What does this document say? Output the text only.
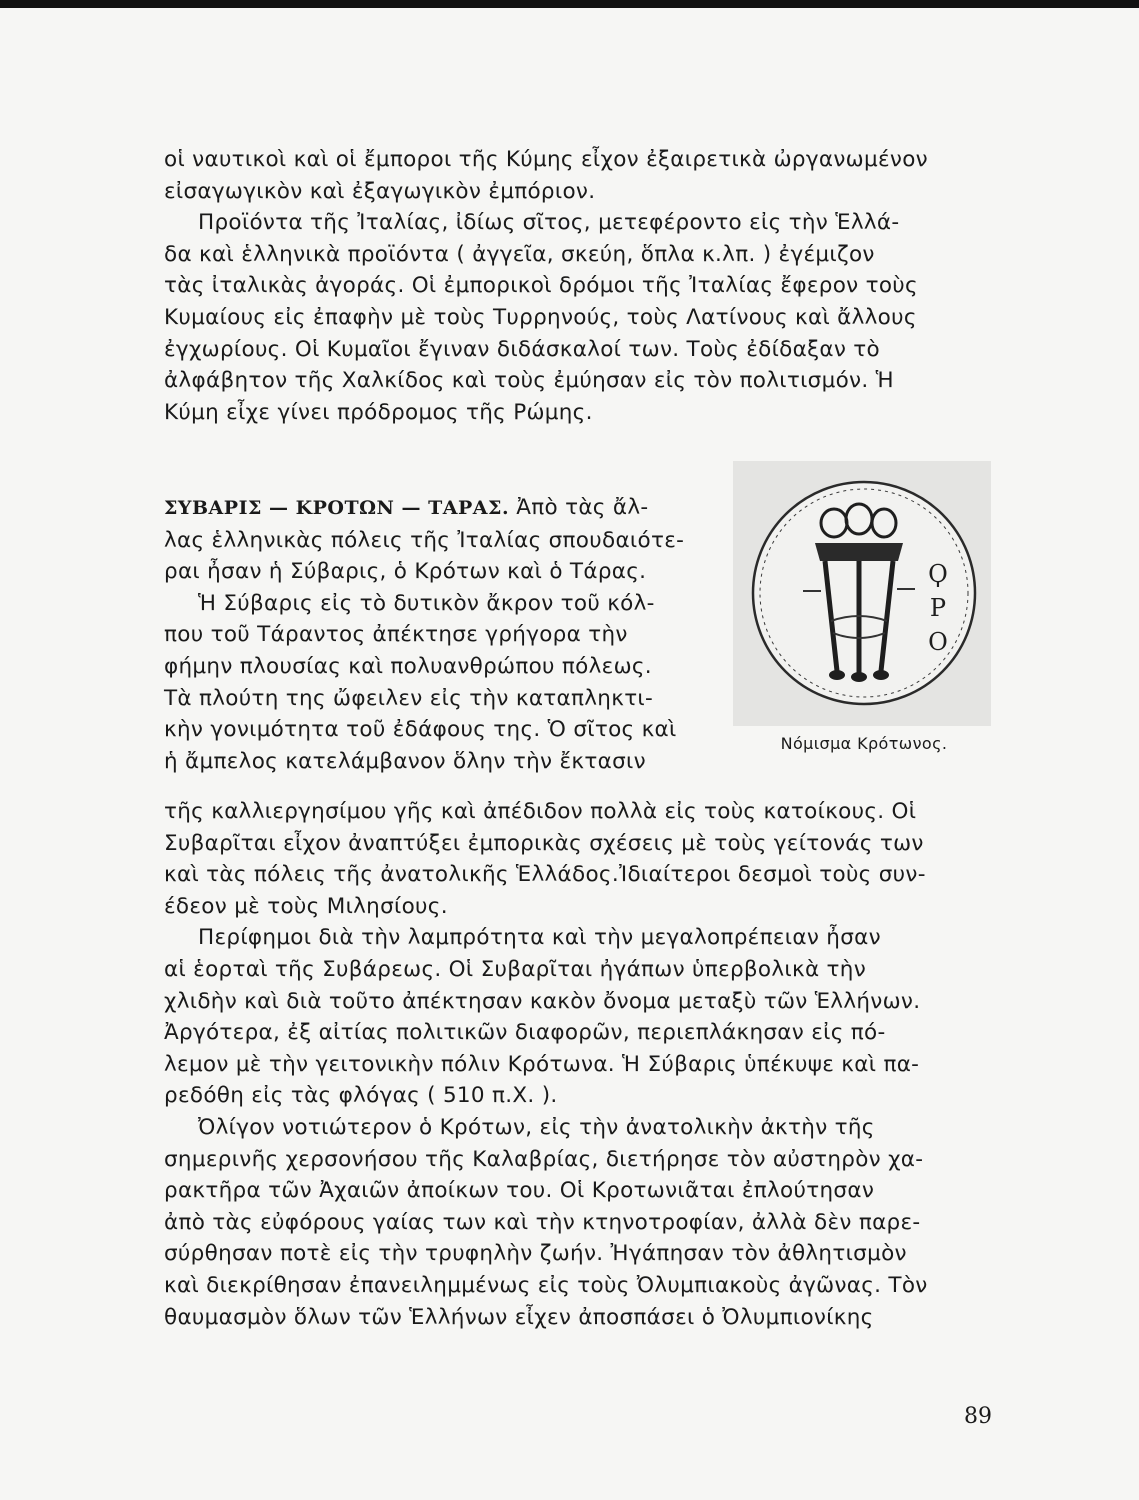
οἱ ναυτικοὶ καὶ οἱ ἔμποροι τῆς Κύμης εἶχον ἐξαιρετικὰ ὠργανωμένον

εἰσαγωγικὸν καὶ ἐξαγωγικὸν ἐμπόριον.

Προϊόντα τῆς Ἰταλίας, ἰδίως σῖτος, μετεφέροντο εἰς τὴν Ἑλλά-

δα καὶ ἑλληνικὰ προϊόντα ( ἀγγεῖα, σκεύη, ὅπλα κ.λπ. ) ἐγέμιζον

τὰς ἰταλικὰς ἀγοράς. Οἱ ἐμπορικοὶ δρόμοι τῆς Ἰταλίας ἔφερον τοὺς

Κυμαίους εἰς ἐπαφὴν μὲ τοὺς Τυρρηνούς, τοὺς Λατίνους καὶ ἄλλους

ἐγχωρίους. Οἱ Κυμαῖοι ἔγιναν διδάσκαλοί των. Τοὺς ἐδίδαξαν τὸ

ἀλφάβητον τῆς Χαλκίδος καὶ τοὺς ἐμύησαν εἰς τὸν πολιτισμόν. Ἡ

Κύμη εἶχε γίνει πρόδρομος τῆς Ρώμης.

ΣΥΒΑΡΙΣ — ΚΡΟΤΩΝ — ΤΑΡΑΣ. Ἀπὸ τὰς ἄλ-

λας ἑλληνικὰς πόλεις τῆς Ἰταλίας σπουδαιότε-

ραι ἦσαν ἡ Σύβαρις, ὁ Κρότων καὶ ὁ Τάρας.

Ἡ Σύβαρις εἰς τὸ δυτικὸν ἄκρον τοῦ κόλ-

που τοῦ Τάραντος ἀπέκτησε γρήγορα τὴν

φήμην πλουσίας καὶ πολυανθρώπου πόλεως.

Τὰ πλούτη της ὤφειλεν εἰς τὴν καταπληκτι-

κὴν γονιμότητα τοῦ ἐδάφους της. Ὁ σῖτος καὶ

ἡ ἄμπελος κατελάμβανον ὅλην τὴν ἔκτασιν

τῆς καλλιεργησίμου γῆς καὶ ἀπέδιδον πολλὰ εἰς τοὺς κατοίκους. Οἱ

Συβαρῖται εἶχον ἀναπτύξει ἐμπορικὰς σχέσεις μὲ τοὺς γείτονάς των

καὶ τὰς πόλεις τῆς ἀνατολικῆς Ἑλλάδος.Ἰδιαίτεροι δεσμοὶ τοὺς συν-

έδεον μὲ τοὺς Μιλησίους.

Περίφημοι διὰ τὴν λαμπρότητα καὶ τὴν μεγαλοπρέπειαν ἦσαν

αἱ ἑορταὶ τῆς Συβάρεως. Οἱ Συβαρῖται ἠγάπων ὑπερβολικὰ τὴν

χλιδὴν καὶ διὰ τοῦτο ἀπέκτησαν κακὸν ὄνομα μεταξὺ τῶν Ἑλλήνων.

Ἀργότερα, ἐξ αἰτίας πολιτικῶν διαφορῶν, περιεπλάκησαν εἰς πό-

λεμον μὲ τὴν γειτονικὴν πόλιν Κρότωνα. Ἡ Σύβαρις ὑπέκυψε καὶ πα-

ρεδόθη εἰς τὰς φλόγας ( 510 π.Χ. ).

Ὀλίγον νοτιώτερον ὁ Κρότων, εἰς τὴν ἀνατολικὴν ἀκτὴν τῆς

σημερινῆς χερσονήσου τῆς Καλαβρίας, διετήρησε τὸν αὐστηρὸν χα-

ρακτῆρα τῶν Ἀχαιῶν ἀποίκων του. Οἱ Κροτωνιᾶται ἐπλούτησαν

ἀπὸ τὰς εὐφόρους γαίας των καὶ τὴν κτηνοτροφίαν, ἀλλὰ δὲν παρε-

σύρθησαν ποτὲ εἰς τὴν τρυφηλὴν ζωήν. Ἠγάπησαν τὸν ἀθλητισμὸν

καὶ διεκρίθησαν ἐπανειλημμένως εἰς τοὺς Ὀλυμπιακοὺς ἀγῶνας. Τὸν

θαυμασμὸν ὅλων τῶν Ἑλλήνων εἶχεν ἀποσπάσει ὁ Ὀλυμπιονίκης

ϘΡΟ
Νόμισμα Κρότωνος.
89
